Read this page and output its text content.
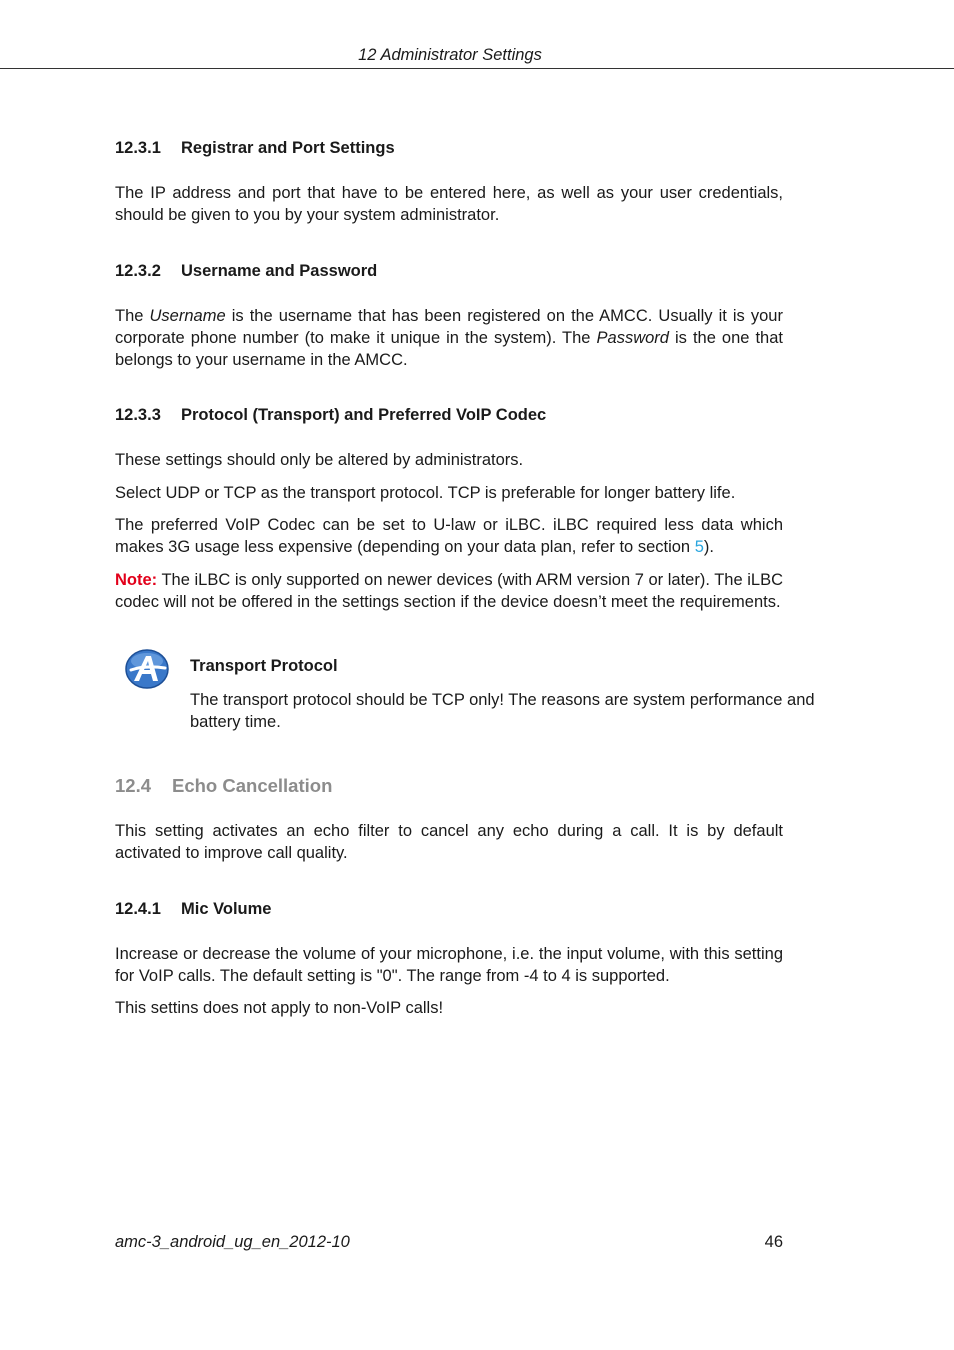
12 Administrator Settings
12.3.1 Registrar and Port Settings
The IP address and port that have to be entered here, as well as your user credentials, should be given to you by your system administrator.
12.3.2 Username and Password
The Username is the username that has been registered on the AMCC. Usually it is your corporate phone number (to make it unique in the system). The Password is the one that belongs to your username in the AMCC.
12.3.3 Protocol (Transport) and Preferred VoIP Codec
These settings should only be altered by administrators.
Select UDP or TCP as the transport protocol. TCP is preferable for longer battery life.
The preferred VoIP Codec can be set to U-law or iLBC. iLBC required less data which makes 3G usage less expensive (depending on your data plan, refer to section 5).
Note: The iLBC is only supported on newer devices (with ARM version 7 or later). The iLBC codec will not be offered in the settings section if the device doesn’t meet the requirements.
Transport Protocol
The transport protocol should be TCP only! The reasons are system performance and battery time.
12.4 Echo Cancellation
This setting activates an echo filter to cancel any echo during a call. It is by default activated to improve call quality.
12.4.1 Mic Volume
Increase or decrease the volume of your microphone, i.e. the input volume, with this setting for VoIP calls. The default setting is "0". The range from -4 to 4 is supported.
This settins does not apply to non-VoIP calls!
amc-3_android_ug_en_2012-10	46
